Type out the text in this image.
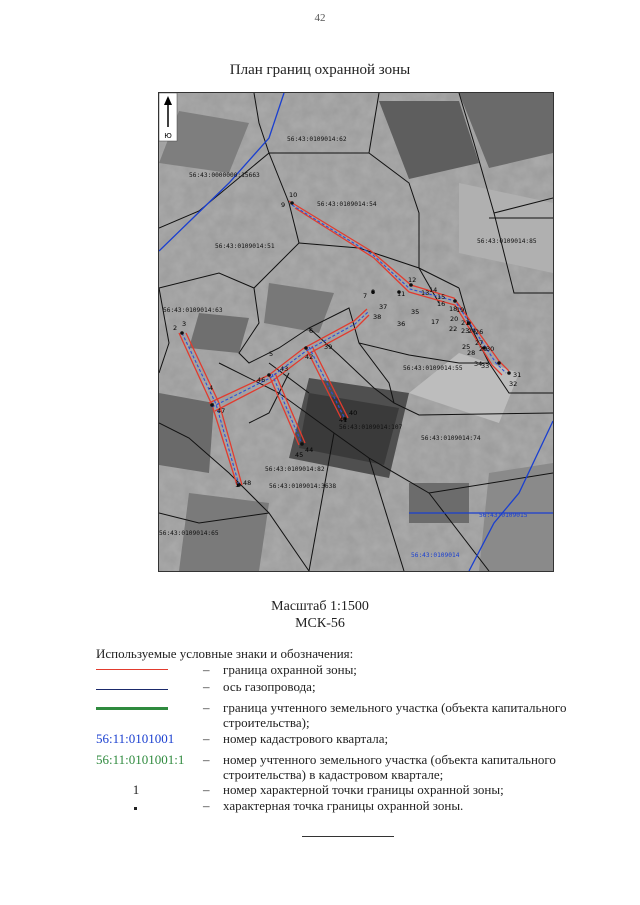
42
План границ охранной зоны
Ю	56:43:0109014:62
56:43:0000000:15663
56:43:0109014:54
56:43:0109014:85
56:43:0109014:51
56:43:0109014:63
56:43:0109014:55
56:43:0109014:107
56:43:0109014:74
56:43:0109014:82
56:43:0109014:3638
56:43:0109014:65
56:43:0109015
56:43:0109014
1
2 3
4
5
6
7 8
9
10
11
12
13 14
15
16
17
18
19
20 21
22 23
24
25
26
27
28 29
30
31
32
33
34
35
36
37
38
39
40
41
42
43
44
45
46
47
48
Масштаб 1:1500
МСК-56
Используемые условные знаки и обозначения:
– граница охранной зоны;
– ось газопровода;
– граница учтенного земельного участка (объекта капитального строительства);
56:11:0101001	– номер кадастрового квартала;
56:11:0101001:1	– номер учтенного земельного участка (объекта капитального строительства) в кадастровом квартале;
1	– номер характерной точки границы охранной зоны;
– характерная точка границы охранной зоны.
